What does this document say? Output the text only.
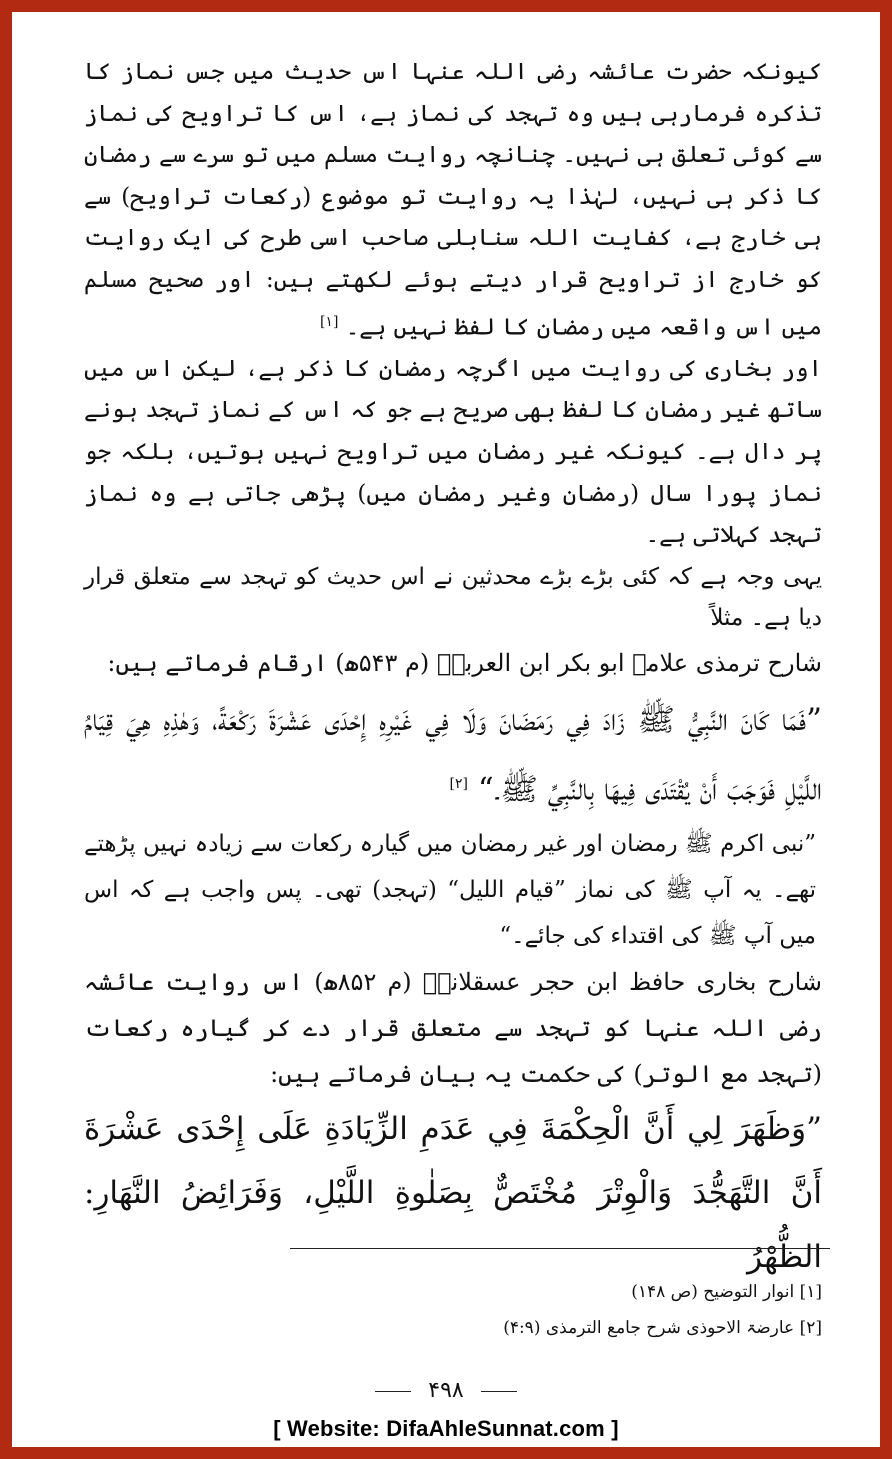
کیونکہ حضرت عائشہ رضی اللہ عنہا اس حدیث میں جس نماز کا تذکرہ فرمارہی ہیں وہ تہجد کی نماز ہے، اس کا تراویح کی نماز سے کوئی تعلق ہی نہیں۔ چنانچہ روایت مسلم میں تو سرے سے رمضان کا ذکر ہی نہیں، لہٰذا یہ روایت تو موضوع (رکعات تراویح) سے ہی خارج ہے، کفایت اللہ سنابلی صاحب اسی طرح کی ایک روایت کو خارج از تراویح قرار دیتے ہوئے لکھتے ہیں: اور صحیح مسلم میں اس واقعہ میں رمضان کا لفظ نہیں ہے۔ [۱]

اور بخاری کی روایت میں اگرچہ رمضان کا ذکر ہے، لیکن اس میں ساتھ غیر رمضان کا لفظ بھی صریح ہے جو کہ اس کے نماز تہجد ہونے پر دال ہے۔ کیونکہ غیر رمضان میں تراویح نہیں ہوتیں، بلکہ جو نماز پورا سال (رمضان وغیر رمضان میں) پڑھی جاتی ہے وہ نماز تہجد کہلاتی ہے۔

یہی وجہ ہے کہ کئی بڑے بڑے محدثین نے اس حدیث کو تہجد سے متعلق قرار دیا ہے۔ مثلاً

شارح ترمذی علامہ ابو بکر ابن العربیؒ (م ۵۴۳ھ) ارقام فرماتے ہیں:

”فَمَا كَانَ النَّبِيُّ ﷺ زَادَ فِي رَمَضَانَ وَلَا فِي غَيْرِهِ إِحْدَى عَشْرَةَ رَكْعَةً، وَهٰذِهِ هِيَ قِيَامُ اللَّيْلِ فَوَجَبَ أَنْ يُقْتَدَى فِيهَا بِالنَّبِيِّ ﷺ۔“ [۲]

”نبی اکرم ﷺ رمضان اور غیر رمضان میں گیارہ رکعات سے زیادہ نہیں پڑھتے تھے۔ یہ آپ ﷺ کی نماز ”قیام اللیل“ (تہجد) تھی۔ پس واجب ہے کہ اس میں آپ ﷺ کی اقتداء کی جائے۔“

شارح بخاری حافظ ابن حجر عسقلانیؒ (م ۸۵۲ھ) اس روایت عائشہ رضی اللہ عنہا کو تہجد سے متعلق قرار دے کر گیارہ رکعات (تہجد مع الوتر) کی حکمت یہ بیان فرماتے ہیں:

”وَظَهَرَ لِي أَنَّ الْحِكْمَةَ فِي عَدَمِ الزِّيَادَةِ عَلَى إِحْدَى عَشْرَةَ أَنَّ التَّهَجُّدَ وَالْوِتْرَ مُخْتَصٌّ بِصَلٰوةِ اللَّيْلِ، وَفَرَائِضُ النَّهَارِ: الظُّهْرُ

[۱] انوار التوضیح (ص ۱۴۸)
[۲] عارضۃ الاحوذی شرح جامع الترمذی (۴:۹)
۴۹۸
[ Website: DifaAhleSunnat.com ]
